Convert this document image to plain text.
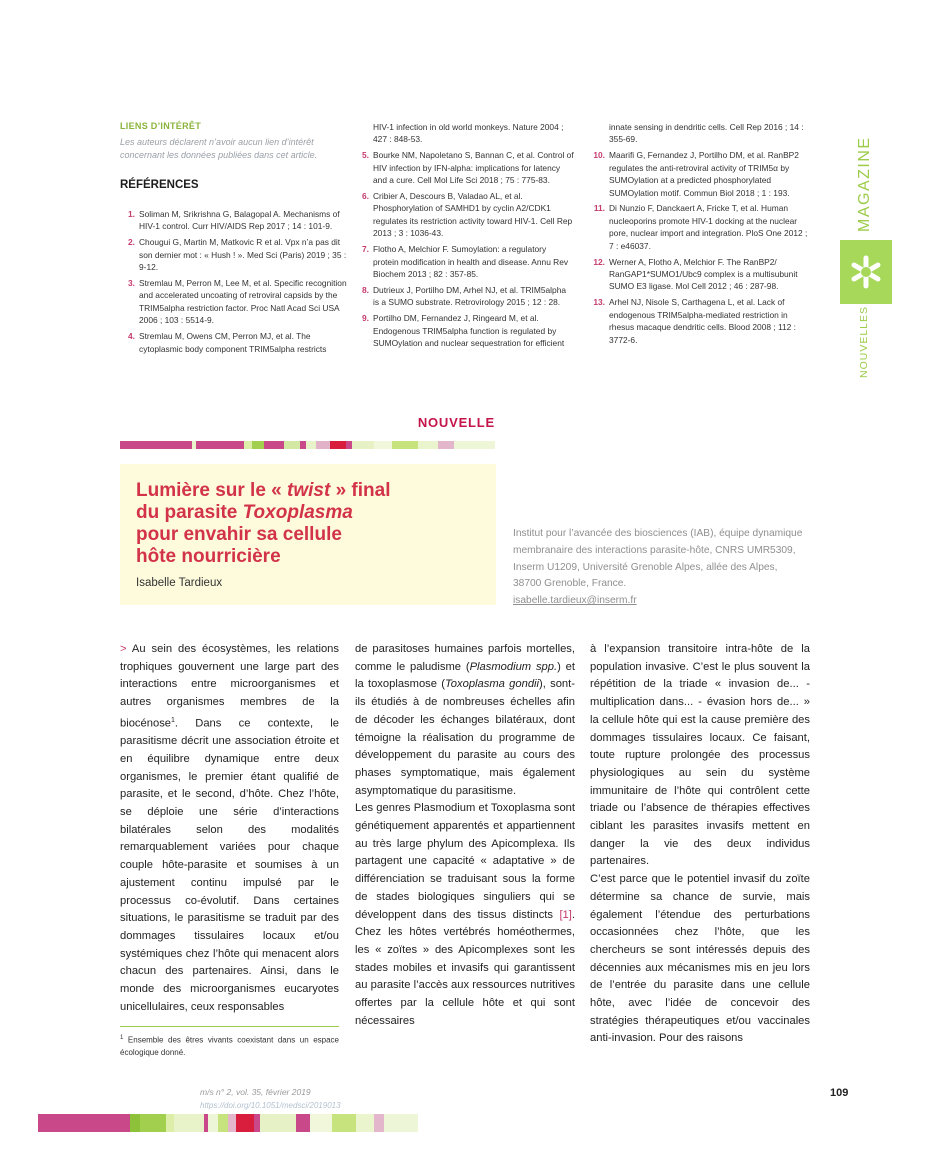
LIENS D’INTÉRÊT
Les auteurs déclarent n’avoir aucun lien d’intérêt concernant les données publiées dans cet article.
RÉFÉRENCES
1. Soliman M, Srikrishna G, Balagopal A. Mechanisms of HIV-1 control. Curr HIV/AIDS Rep 2017 ; 14 : 101-9.
2. Chougui G, Martin M, Matkovic R et al. Vpx n’a pas dit son dernier mot : « Hush ! ». Med Sci (Paris) 2019 ; 35 : 9-12.
3. Stremlau M, Perron M, Lee M, et al. Specific recognition and accelerated uncoating of retroviral capsids by the TRIM5alpha restriction factor. Proc Natl Acad Sci USA 2006 ; 103 : 5514-9.
4. Stremlau M, Owens CM, Perron MJ, et al. The cytoplasmic body component TRIM5alpha restricts
HIV-1 infection in old world monkeys. Nature 2004 ; 427 : 848-53.
5. Bourke NM, Napoletano S, Bannan C, et al. Control of HIV infection by IFN-alpha: implications for latency and a cure. Cell Mol Life Sci 2018 ; 75 : 775-83.
6. Cribier A, Descours B, Valadao AL, et al. Phosphorylation of SAMHD1 by cyclin A2/CDK1 regulates its restriction activity toward HIV-1. Cell Rep 2013 ; 3 : 1036-43.
7. Flotho A, Melchior F. Sumoylation: a regulatory protein modification in health and disease. Annu Rev Biochem 2013 ; 82 : 357-85.
8. Dutrieux J, Portilho DM, Arhel NJ, et al. TRIM5alpha is a SUMO substrate. Retrovirology 2015 ; 12 : 28.
9. Portilho DM, Fernandez J, Ringeard M, et al. Endogenous TRIM5alpha function is regulated by SUMOylation and nuclear sequestration for efficient
innate sensing in dendritic cells. Cell Rep 2016 ; 14 : 355-69.
10. Maarifi G, Fernandez J, Portilho DM, et al. RanBP2 regulates the anti-retroviral activity of TRIM5α by SUMOylation at a predicted phosphorylated SUMOylation motif. Commun Biol 2018 ; 1 : 193.
11. Di Nunzio F, Danckaert A, Fricke T, et al. Human nucleoporins promote HIV-1 docking at the nuclear pore, nuclear import and integration. PloS One 2012 ; 7 : e46037.
12. Werner A, Flotho A, Melchior F. The RanBP2/ RanGAP1*SUMO1/Ubc9 complex is a multisubunit SUMO E3 ligase. Mol Cell 2012 ; 46 : 287-98.
13. Arhel NJ, Nisole S, Carthagena L, et al. Lack of endogenous TRIM5alpha-mediated restriction in rhesus macaque dendritic cells. Blood 2008 ; 112 : 3772-6.
MAGAZINE
NOUVELLES
NOUVELLE
Lumière sur le « twist » final
du parasite Toxoplasma
pour envahir sa cellule
hôte nourricière
Isabelle Tardieux
Institut pour l’avancée des biosciences (IAB), équipe dynamique membranaire des interactions parasite-hôte, CNRS UMR5309, Inserm U1209, Université Grenoble Alpes, allée des Alpes, 38700 Grenoble, France.
isabelle.tardieux@inserm.fr

> Au sein des écosystèmes, les relations trophiques gouvernent une large part des interactions entre microorganismes et autres organismes membres de la biocénose$^1$. Dans ce contexte, le parasitisme décrit une association étroite et en équilibre dynamique entre deux organismes, le premier étant qualifié de parasite, et le second, d’hôte. Chez l’hôte, se déploie une série d’interactions bilatérales selon des modalités remarquablement variées pour chaque couple hôte-parasite et soumises à un ajustement continu impulsé par le processus co-évolutif. Dans certaines situations, le parasitisme se traduit par des dommages tissulaires locaux et/ou systémiques chez l’hôte qui menacent alors chacun des partenaires. Ainsi, dans le monde des microorganismes eucaryotes unicellulaires, ceux responsables

de parasitoses humaines parfois mortelles, comme le paludisme (Plasmodium spp.) et la toxoplasmose (Toxoplasma gondii), sont-ils étudiés à de nombreuses échelles afin de décoder les échanges bilatéraux, dont témoigne la réalisation du programme de développement du parasite au cours des phases symptomatique, mais également asymptomatique du parasitisme.

Les genres Plasmodium et Toxoplasma sont génétiquement apparentés et appartiennent au très large phylum des Apicomplexa. Ils partagent une capacité « adaptative » de différenciation se traduisant sous la forme de stades biologiques singuliers qui se développent dans des tissus distincts [1]. Chez les hôtes vertébrés homéothermes, les « zoïtes » des Apicomplexes sont les stades mobiles et invasifs qui garantissent au parasite l’accès aux ressources nutritives offertes par la cellule hôte et qui sont nécessaires

à l’expansion transitoire intra-hôte de la population invasive. C’est le plus souvent la répétition de la triade « invasion de... - multiplication dans... - évasion hors de... » la cellule hôte qui est la cause première des dommages tissulaires locaux. Ce faisant, toute rupture prolongée des processus physiologiques au sein du système immunitaire de l’hôte qui contrôlent cette triade ou l’absence de thérapies effectives ciblant les parasites invasifs mettent en danger la vie des deux individus partenaires.

C’est parce que le potentiel invasif du zoïte détermine sa chance de survie, mais également l’étendue des perturbations occasionnées chez l’hôte, que les chercheurs se sont intéressés depuis des décennies aux mécanismes mis en jeu lors de l’entrée du parasite dans une cellule hôte, avec l’idée de concevoir des stratégies thérapeutiques et/ou vaccinales anti-invasion. Pour des raisons

$^1$ Ensemble des êtres vivants coexistant dans un espace écologique donné.
m/s n° 2, vol. 35, février 2019
https://doi.org/10.1051/medsci/2019013
109
